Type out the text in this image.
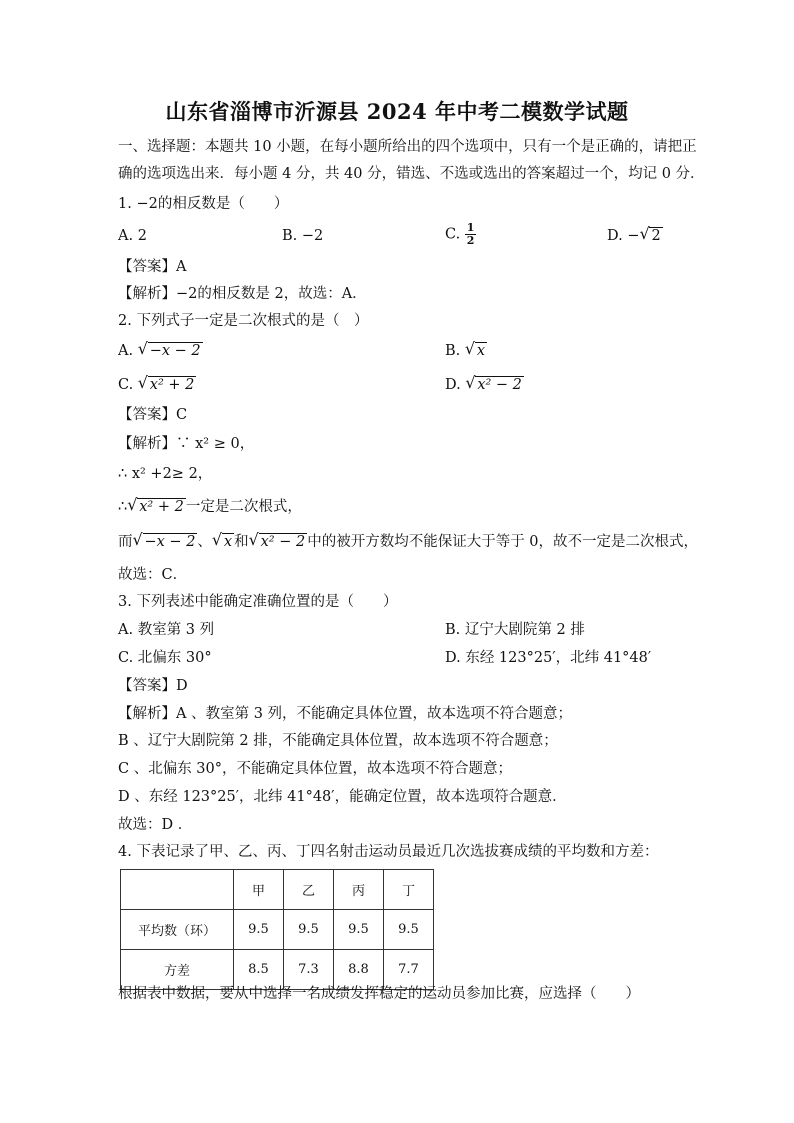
山东省淄博市沂源县 2024 年中考二模数学试题
一、选择题：本题共 10 小题，在每小题所给出的四个选项中，只有一个是正确的，请把正
确的选项选出来．每小题 4 分，共 40 分，错选、不选或选出的答案超过一个，均记 0 分．
1. −2的相反数是（　　）
A. 2	B. −2	C. $\frac{1}{2}$	D. − √ 2
【答案】A
【解析】−2的相反数是 2，故选：A．
2. 下列式子一定是二次根式的是（　）
A. √ −x − 2	B. √ x
C. √ x² + 2	D. √ x² − 2
【答案】C
【解析】∵ x² ≥ 0，
∴ x² +2≥ 2，
∴ √ x² + 2 一定是二次根式，
而 √ −x − 2 、 √ x 和 √ x² − 2 中的被开方数均不能保证大于等于 0，故不一定是二次根式，
故选：C．
3. 下列表述中能确定准确位置的是（　　）
A. 教室第 3 列	B. 辽宁大剧院第 2 排
C. 北偏东 30°	D. 东经 123°25′，北纬 41°48′
【答案】D
【解析】A 、教室第 3 列，不能确定具体位置，故本选项不符合题意；
B 、辽宁大剧院第 2 排，不能确定具体位置，故本选项不符合题意；
C 、北偏东 30°，不能确定具体位置，故本选项不符合题意；
D 、东经 123°25′，北纬 41°48′，能确定位置，故本选项符合题意．
故选：D ．
4. 下表记录了甲、乙、丙、丁四名射击运动员最近几次选拔赛成绩的平均数和方差：
	甲	乙	丙	丁
平均数（环）	9.5	9.5	9.5	9.5
方差	8.5	7.3	8.8	7.7
根据表中数据，要从中选择一名成绩发挥稳定的运动员参加比赛，应选择（　　）
